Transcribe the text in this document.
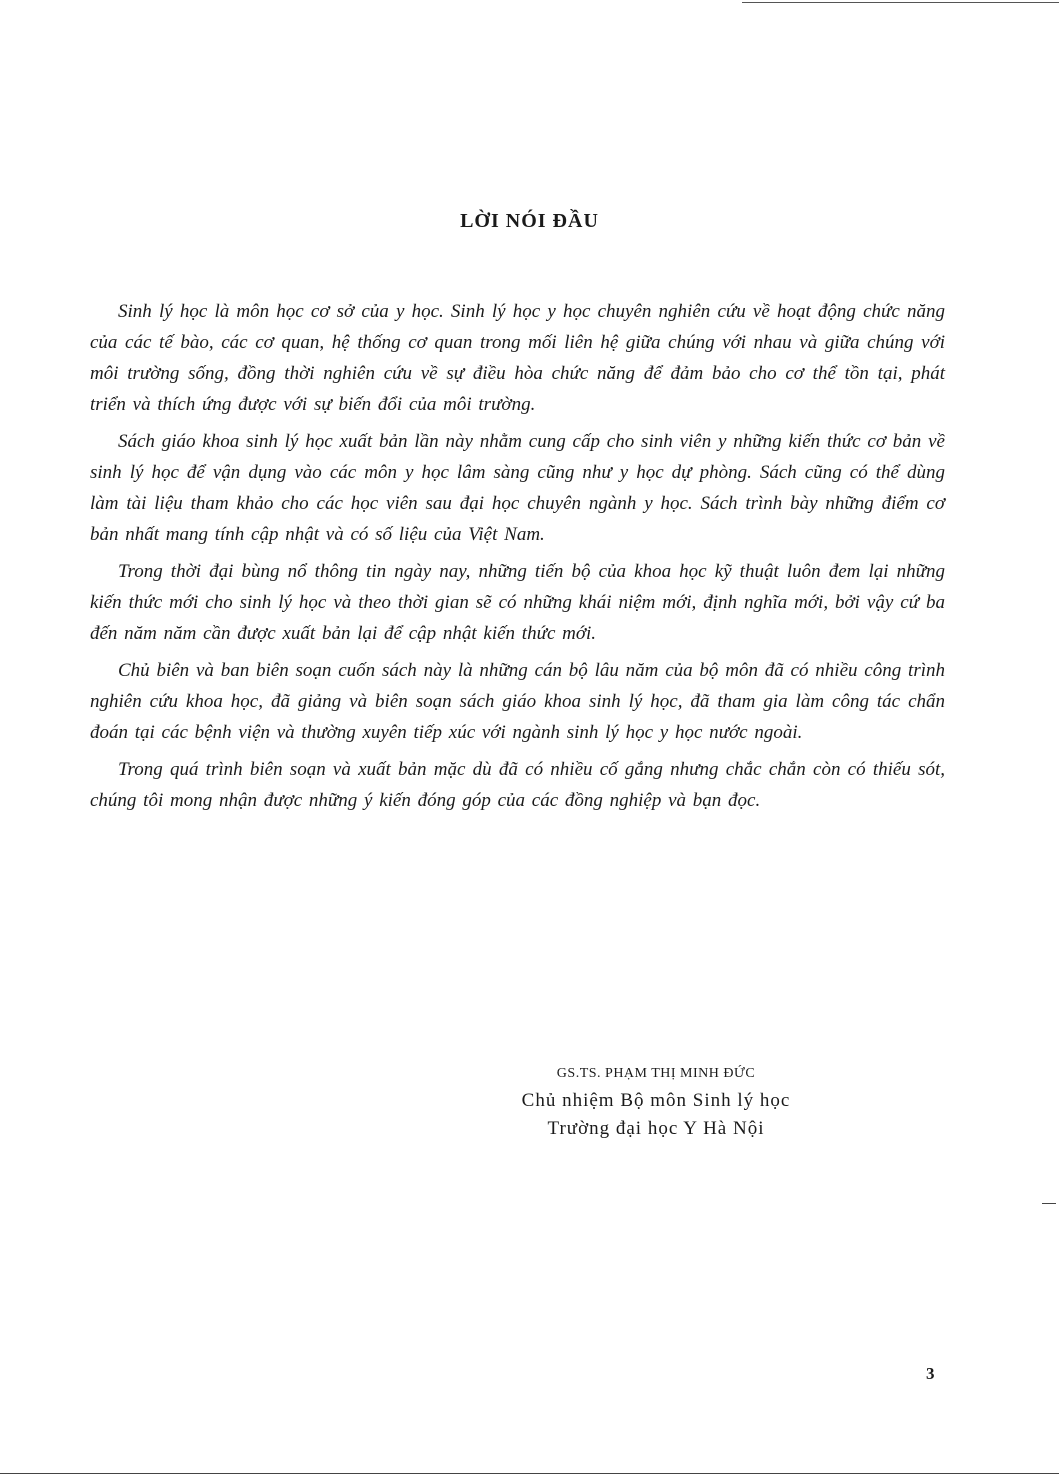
LỜI NÓI ĐẦU

Sinh lý học là môn học cơ sở của y học. Sinh lý học y học chuyên nghiên cứu về hoạt động chức năng của các tế bào, các cơ quan, hệ thống cơ quan trong mối liên hệ giữa chúng với nhau và giữa chúng với môi trường sống, đồng thời nghiên cứu về sự điều hòa chức năng để đảm bảo cho cơ thể tồn tại, phát triển và thích ứng được với sự biến đổi của môi trường.

Sách giáo khoa sinh lý học xuất bản lần này nhằm cung cấp cho sinh viên y những kiến thức cơ bản về sinh lý học để vận dụng vào các môn y học lâm sàng cũng như y học dự phòng. Sách cũng có thể dùng làm tài liệu tham khảo cho các học viên sau đại học chuyên ngành y học. Sách trình bày những điểm cơ bản nhất mang tính cập nhật và có số liệu của Việt Nam.

Trong thời đại bùng nổ thông tin ngày nay, những tiến bộ của khoa học kỹ thuật luôn đem lại những kiến thức mới cho sinh lý học và theo thời gian sẽ có những khái niệm mới, định nghĩa mới, bởi vậy cứ ba đến năm năm cần được xuất bản lại để cập nhật kiến thức mới.

Chủ biên và ban biên soạn cuốn sách này là những cán bộ lâu năm của bộ môn đã có nhiều công trình nghiên cứu khoa học, đã giảng và biên soạn sách giáo khoa sinh lý học, đã tham gia làm công tác chẩn đoán tại các bệnh viện và thường xuyên tiếp xúc với ngành sinh lý học y học nước ngoài.

Trong quá trình biên soạn và xuất bản mặc dù đã có nhiều cố gắng nhưng chắc chắn còn có thiếu sót, chúng tôi mong nhận được những ý kiến đóng góp của các đồng nghiệp và bạn đọc.

GS.TS. PHẠM THỊ MINH ĐỨC
Chủ nhiệm Bộ môn Sinh lý học
Trường đại học Y Hà Nội
3
